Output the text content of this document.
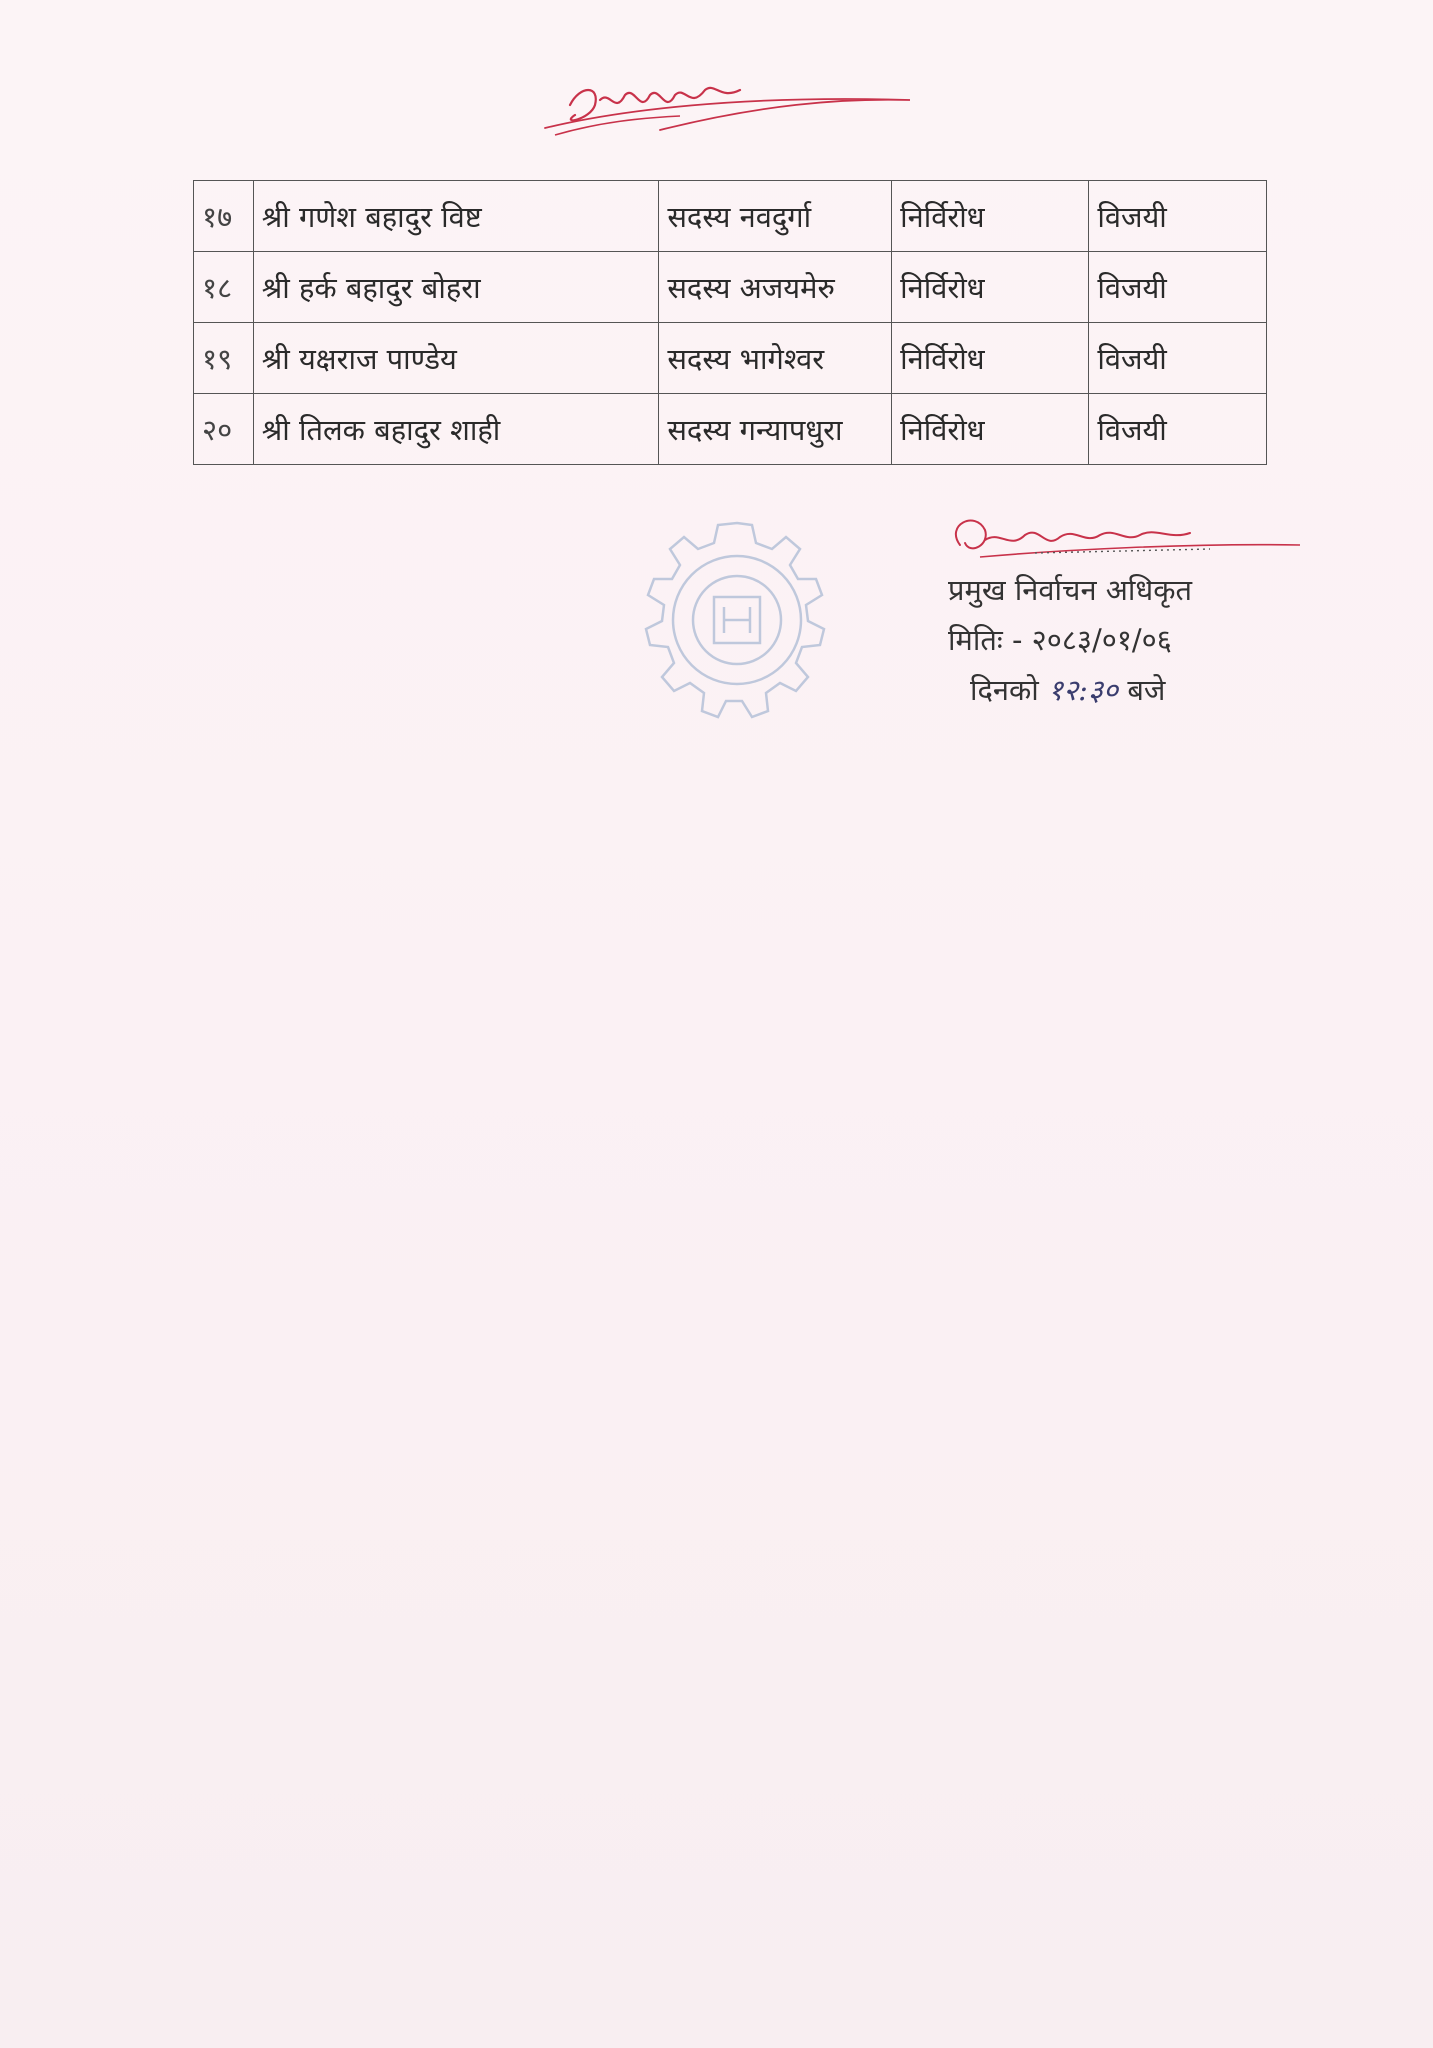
१७	श्री गणेश बहादुर विष्ट	सदस्य नवदुर्गा	निर्विरोध	विजयी
१८	श्री हर्क बहादुर बोहरा	सदस्य अजयमेरु	निर्विरोध	विजयी
१९	श्री यक्षराज पाण्डेय	सदस्य भागेश्वर	निर्विरोध	विजयी
२०	श्री तिलक बहादुर शाही	सदस्य गन्यापधुरा	निर्विरोध	विजयी
प्रमुख निर्वाचन अधिकृत
मितिः - २०८३/०१/०६
दिनको १२:३० बजे
